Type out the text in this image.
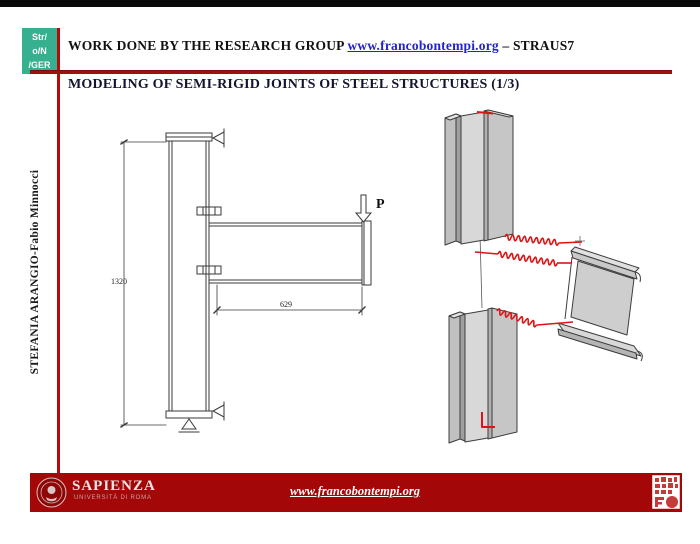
Str/
o/N
/GER
WORK DONE BY THE RESEARCH GROUP www.francobontempi.org – STRAUS7
MODELING OF SEMI-RIGID JOINTS OF STEEL STRUCTURES (1/3)
STEFANIA ARANGIO-Fabio Minnocci	1320
629
P
SAPIENZA
UNIVERSITÀ DI ROMA	www.francobontempi.org
